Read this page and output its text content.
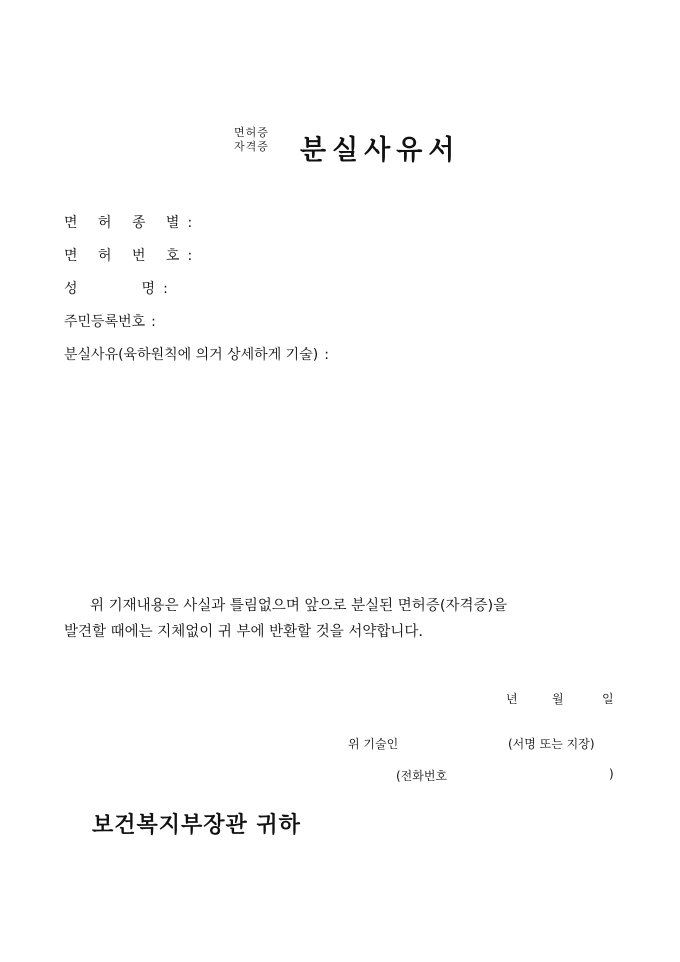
면허증
자격증 분실사유서
면 허 종 별:
면 허 번 호:
성	명 :
주민등록번호 :
분실사유(육하원칙에 의거 상세하게 기술) :
위 기재내용은 사실과 틀림없으며 앞으로 분실된 면허증(자격증)을
발견할 때에는 지체없이 귀 부에 반환할 것을 서약합니다.
년	월	일
위 기술인	(서명 또는 지장)
(전화번호	)
보건복지부장관 귀하
